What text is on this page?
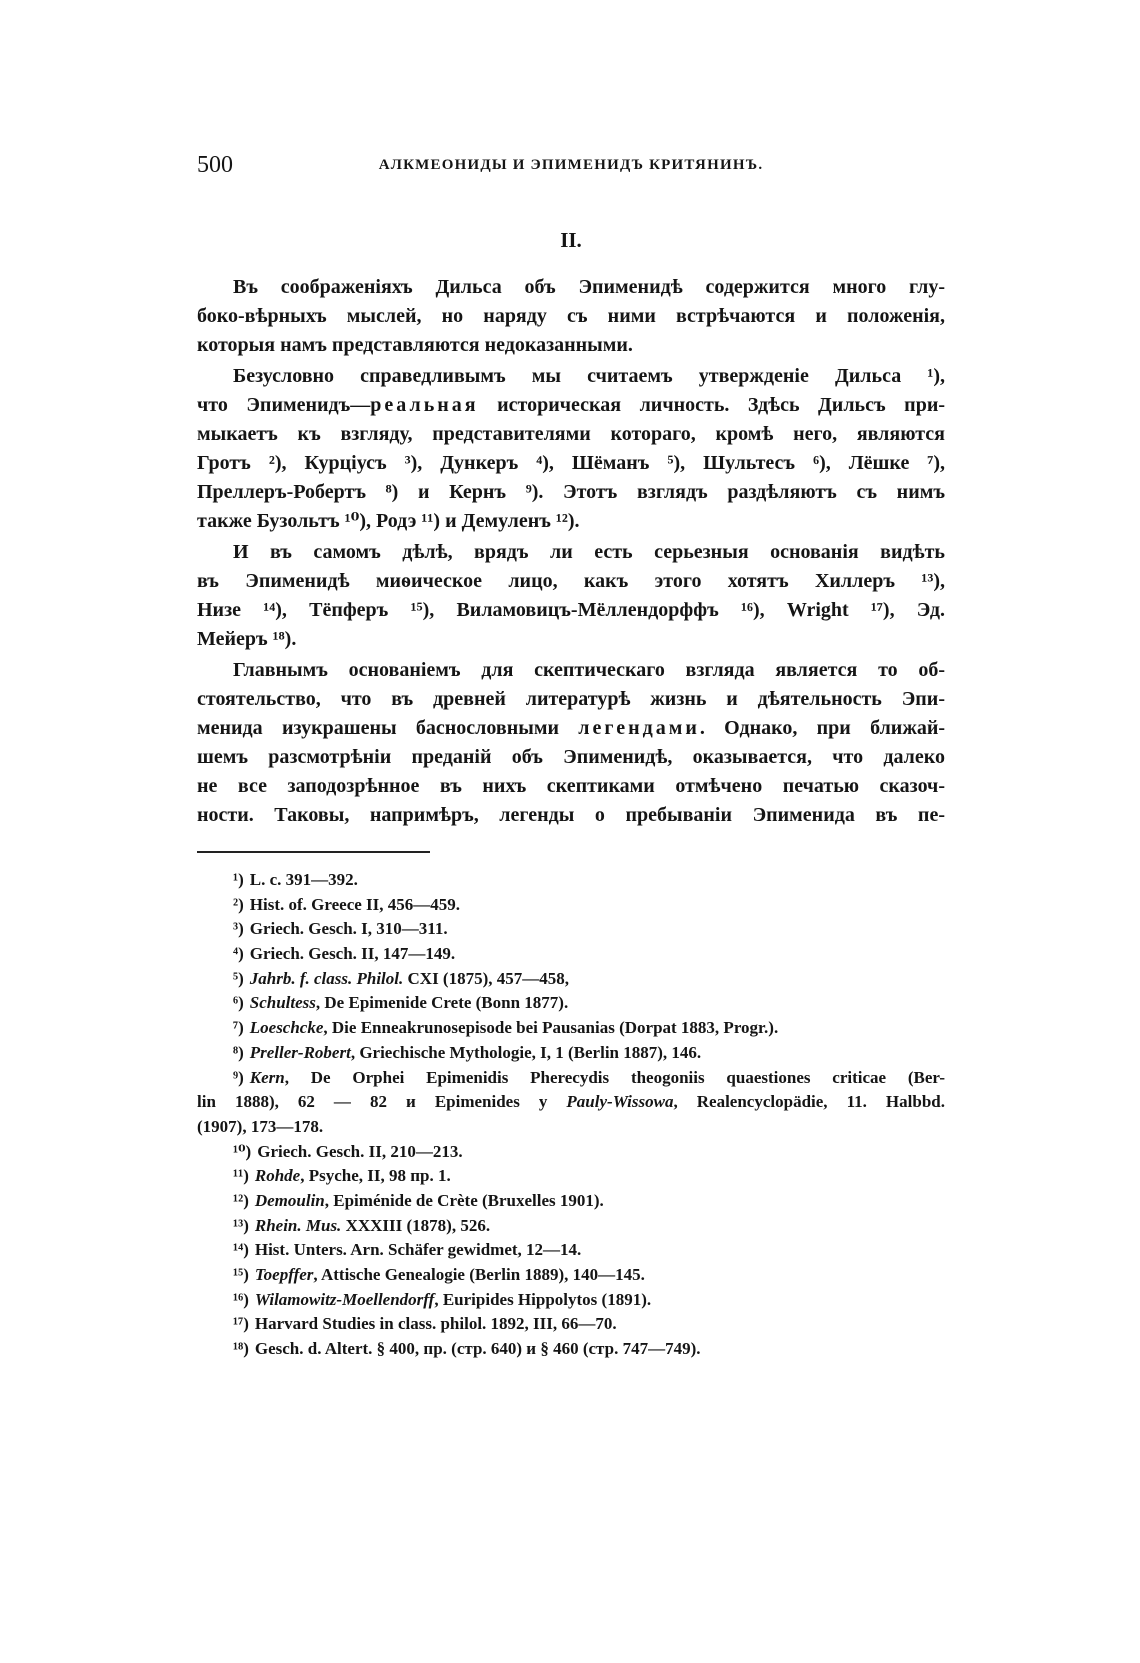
500	АЛКМЕОНИДЫ И ЭПИМЕНИДЪ КРИТЯНИНЪ.
II.
Въ соображеніяхъ Дильса объ Эпименидѣ содержится много глу-
боко-вѣрныхъ мыслей, но наряду съ ними встрѣчаются и положенія,
которыя намъ представляются недоказанными.
Безусловно справедливымъ мы считаемъ утвержденіе Дильса ¹),
что Эпименидъ—реальная историческая личность. Здѣсь Дильсъ при-
мыкаетъ къ взгляду, представителями котораго, кромѣ него, являются
Гротъ ²), Курціусъ ³), Дункеръ ⁴), Шёманъ ⁵), Шультесъ ⁶), Лёшке ⁷),
Преллеръ-Робертъ ⁸) и Кернъ ⁹). Этотъ взглядъ раздѣляютъ съ нимъ
также Бузольтъ ¹⁰), Родэ ¹¹) и Демуленъ ¹²).
И въ самомъ дѣлѣ, врядъ ли есть серьезныя основанія видѣть
въ Эпименидѣ миѳическое лицо, какъ этого хотятъ Хиллеръ ¹³),
Низе ¹⁴), Тёпферъ ¹⁵), Виламовицъ-Мёллендорффъ ¹⁶), Wright ¹⁷), Эд.
Мейеръ ¹⁸).
Главнымъ основаніемъ для скептическаго взгляда является то об-
стоятельство, что въ древней литературѣ жизнь и дѣятельность Эпи-
менида изукрашены баснословными легендами. Однако, при ближай-
шемъ разсмотрѣніи преданій объ Эпименидѣ, оказывается, что далеко
не все заподозрѣнное въ нихъ скептиками отмѣчено печатью сказоч-
ности. Таковы, напримѣръ, легенды о пребываніи Эпименида въ пе-
¹) L. c. 391—392.
²) Hist. of. Greece II, 456—459.
³) Griech. Gesch. I, 310—311.
⁴) Griech. Gesch. II, 147—149.
⁵) Jahrb. f. class. Philol. CXI (1875), 457—458,
⁶) Schultess, De Epimenide Crete (Bonn 1877).
⁷) Loeschcke, Die Enneakrunosepisode bei Pausanias (Dorpat 1883, Progr.).
⁸) Preller-Robert, Griechische Mythologie, I, 1 (Berlin 1887), 146.
⁹) Kern, De Orphei Epimenidis Pherecydis theogoniis quaestiones criticae (Ber-
lin 1888), 62 — 82 и Epimenides у Pauly-Wissowa, Realencyclopädie, 11. Halbbd.
(1907), 173—178.
¹⁰) Griech. Gesch. II, 210—213.
¹¹) Rohde, Psyche, II, 98 пр. 1.
¹²) Demoulin, Epiménide de Crète (Bruxelles 1901).
¹³) Rhein. Mus. XXXIII (1878), 526.
¹⁴) Hist. Unters. Arn. Schäfer gewidmet, 12—14.
¹⁵) Toepffer, Attische Genealogie (Berlin 1889), 140—145.
¹⁶) Wilamowitz-Moellendorff, Euripides Hippolytos (1891).
¹⁷) Harvard Studies in class. philol. 1892, III, 66—70.
¹⁸) Gesch. d. Altert. § 400, пр. (стр. 640) и § 460 (стр. 747—749).
